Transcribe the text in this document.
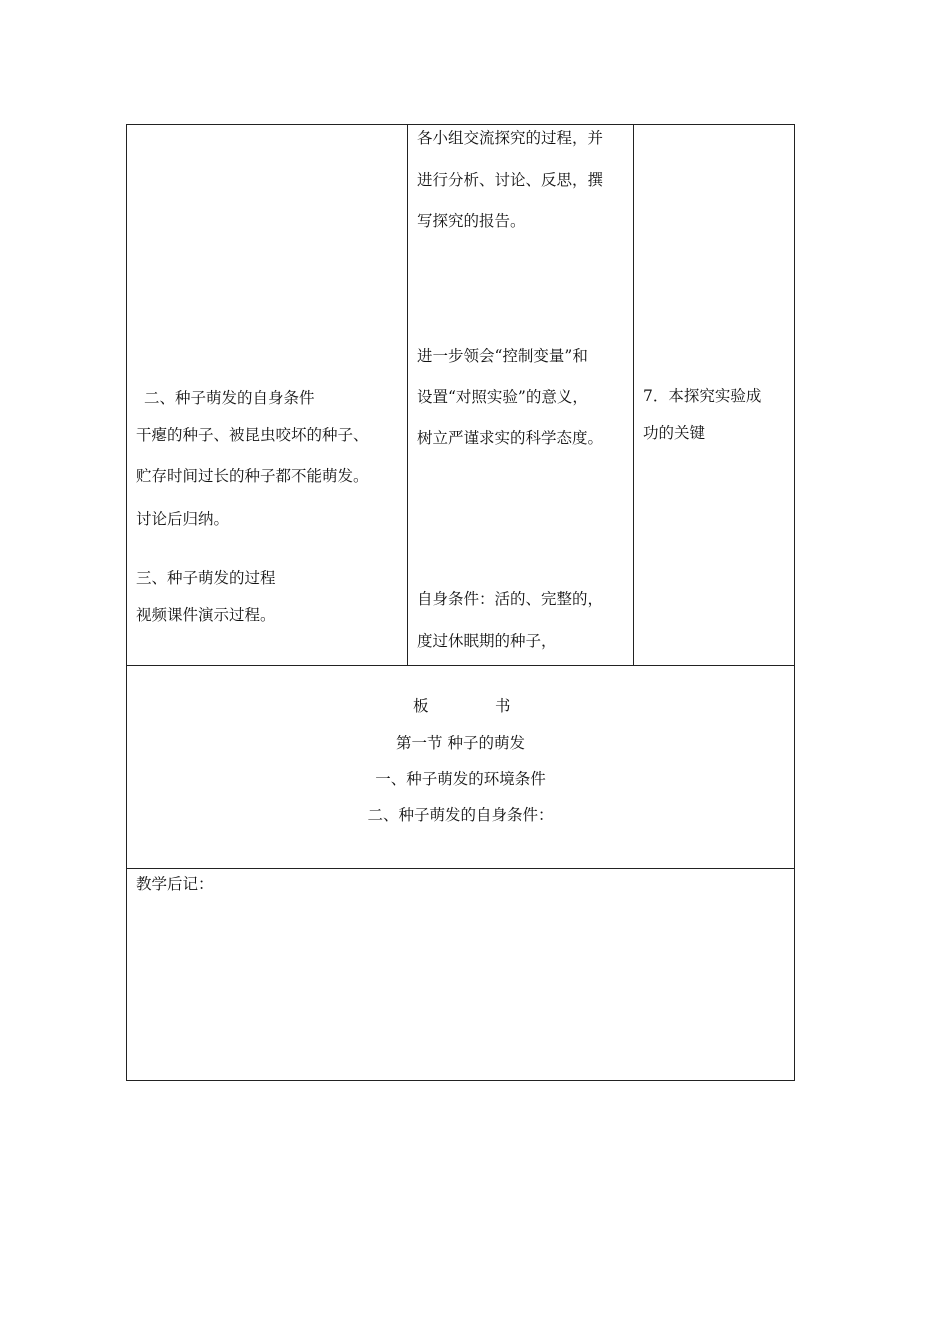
二、种子萌发的自身条件
干瘪的种子、被昆虫咬坏的种子、
贮存时间过长的种子都不能萌发。
讨论后归纳。
三、种子萌发的过程
视频课件演示过程。
各小组交流探究的过程，并
进行分析、讨论、反思，撰
写探究的报告。
进一步领会“控制变量”和
设置“对照实验”的意义，
树立严谨求实的科学态度。
自身条件：活的、完整的，
度过休眠期的种子，
7．本探究实验成
功的关键
板	书
第一节 种子的萌发
一、种子萌发的环境条件
二、种子萌发的自身条件：
教学后记：
